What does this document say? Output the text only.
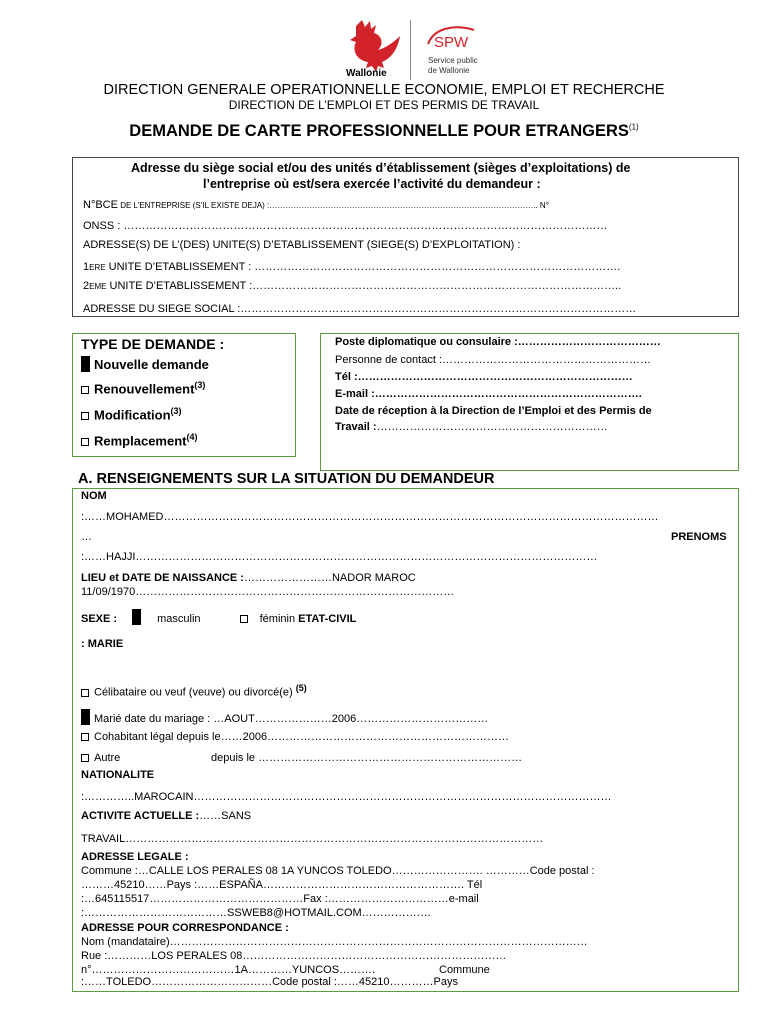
Wallonie
SPW
Service public
de Wallonie
DIRECTION GENERALE OPERATIONNELLE ECONOMIE, EMPLOI ET RECHERCHE
DIRECTION DE L’EMPLOI ET DES PERMIS DE TRAVAIL
DEMANDE DE CARTE PROFESSIONNELLE POUR ETRANGERS$^{(1)}$
Adresse du siège social et/ou des unités d’établissement (sièges d’exploitations) de
l’entreprise où est/sera exercée l’activité du demandeur :
N°BCE DE L’ENTREPRISE (S’IL EXISTE DEJA) :……………………………………………………………………………………….. N°
ONSS : ……………………………………………………………………………………………………………………
ADRESSE(S) DE L’(DES) UNITE(S) D’ETABLISSEMENT (SIEGE(S) D’EXPLOITATION) :
1ERE UNITE D’ETABLISSEMENT : ……………………………………………………………………………………….
2EME UNITE D’ETABLISSEMENT :………………………………………………………………………………………..
ADRESSE DU SIEGE SOCIAL :………………………………………………………………………………………………
TYPE DE DEMANDE :
Nouvelle demande
Renouvellement$^{(3)}$
Modification$^{(3)}$
Remplacement$^{(4)}$
Poste diplomatique ou consulaire :…………………………………
Personne de contact :…………………………………………………
Tél :…………………………………………………………………
E-mail :……………………………………………………………….
Date de réception à la Direction de l’Emploi et des Permis de
Travail :………………………………………………………
A. RENSEIGNEMENTS SUR LA SITUATION DU DEMANDEUR
NOM
:……MOHAMED………………………………………………………………………………………………………………………
…	PRENOMS
:……HAJJI………………………………………………………………………………………………………………
LIEU et DATE DE NAISSANCE :……………………NADOR MAROC
11/09/1970……………………………………………………………………………
SEXE :	masculin	féminin ETAT-CIVIL
: MARIE
Célibataire ou veuf (veuve) ou divorcé(e) $^{(5)}$
Marié date du mariage : …AOUT…………………2006………………………………
Cohabitant légal depuis le……2006…………………………………………………………
Autre	depuis le ………………………………………………………………
NATIONALITE
:…………..MAROCAIN……………………………………………………………………………………………………
ACTIVITE ACTUELLE :……SANS
TRAVAIL……………………………………………………………………………………………………
ADRESSE LEGALE :
Commune :…CALLE LOS PERALES 08 1A YUNCOS TOLEDO……………………. …………Code postal :
………45210……Pays :……ESPAÑA………………………………………………. Tél
:…645115517……………………………………Fax :……………………………e-mail
:…………………………………SSWEB8@HOTMAIL.COM……………….
ADRESSE POUR CORRESPONDANCE :
Nom (mandataire)……………………………………………………………………………………………………
Rue :…………LOS PERALES 08………………………………………………………………
n°…………………………………1A…………YUNCOS……….	Commune
:……TOLEDO……………………………Code postal :……45210…………Pays
